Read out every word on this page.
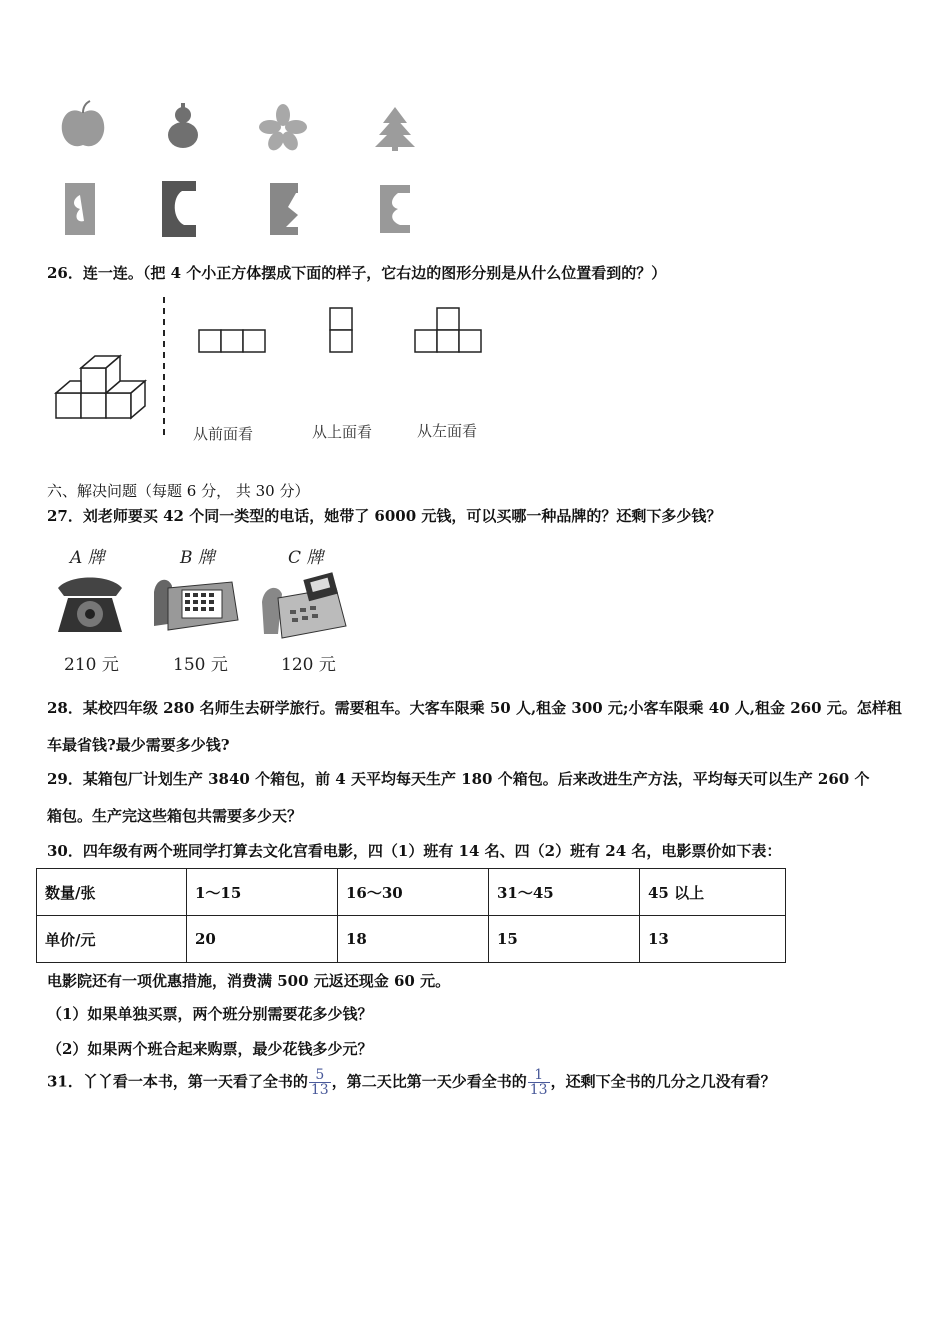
26．连一连。（把 4 个小正方体摆成下面的样子，它右边的图形分别是从什么位置看到的？）
从前面看	从上面看	从左面看
六、解决问题（每题 6 分， 共 30 分）
27．刘老师要买 42 个同一类型的电话，她带了 6000 元钱，可以买哪一种品牌的？还剩下多少钱？
A 牌	B 牌	C 牌
210 元	150 元	120 元
28．某校四年级 280 名师生去研学旅行。需要租车。大客车限乘 50 人,租金 300 元;小客车限乘 40 人,租金 260 元。怎样租
车最省钱?最少需要多少钱?
29．某箱包厂计划生产 3840 个箱包，前 4 天平均每天生产 180 个箱包。后来改进生产方法，平均每天可以生产 260 个
箱包。生产完这些箱包共需要多少天？
30．四年级有两个班同学打算去文化宫看电影，四（1）班有 14 名、四（2）班有 24 名，电影票价如下表：
数量/张	1～15	16～30	31～45	45 以上
单价/元	20	18	15	13
电影院还有一项优惠措施，消费满 500 元返还现金 60 元。
（1）如果单独买票，两个班分别需要花多少钱？
（2）如果两个班合起来购票，最少花钱多少元？
31．丫丫看一本书，第一天看了全书的 $\frac{5}{13}$ ，第二天比第一天少看全书的 $\frac{1}{13}$ ，还剩下全书的几分之几没有看？
